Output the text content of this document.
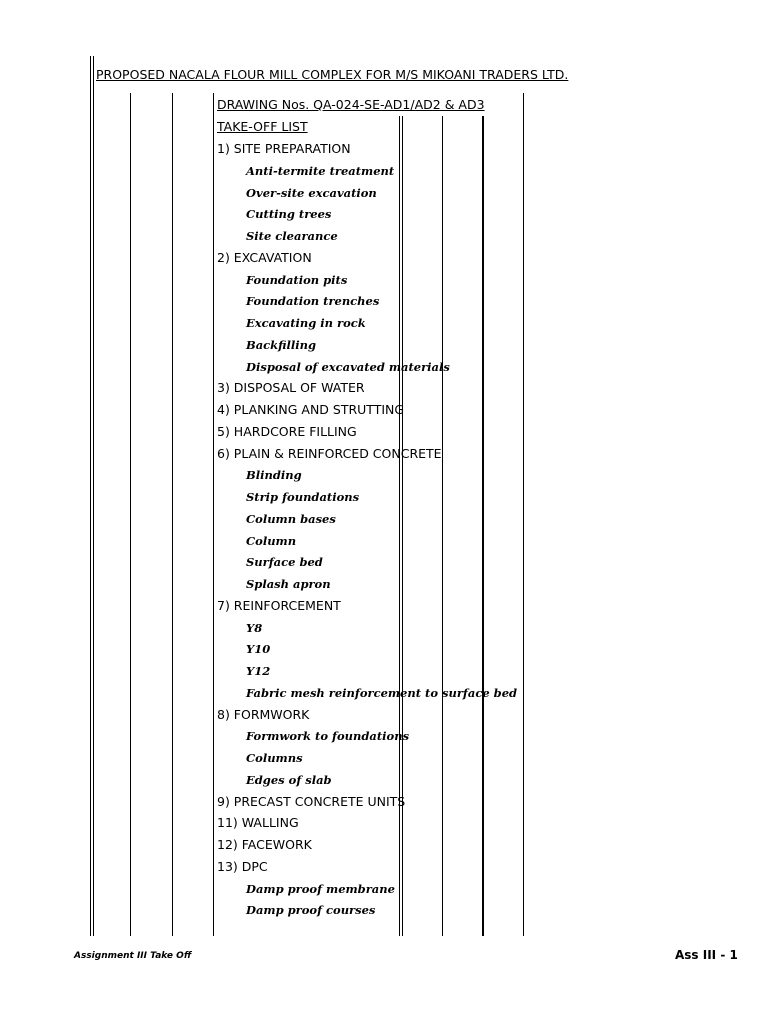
PROPOSED NACALA FLOUR MILL COMPLEX FOR M/S MIKOANI TRADERS LTD.
DRAWING Nos. QA-024-SE-AD1/AD2 & AD3
TAKE-OFF LIST
1) SITE PREPARATION
Anti-termite treatment
Over-site excavation
Cutting trees
Site clearance
2) EXCAVATION
Foundation pits
Foundation trenches
Excavating in rock
Backfilling
Disposal of excavated materials
3) DISPOSAL OF WATER
4) PLANKING AND STRUTTING
5) HARDCORE FILLING
6) PLAIN & REINFORCED CONCRETE
Blinding
Strip foundations
Column bases
Column
Surface bed
Splash apron
7) REINFORCEMENT
Y8
Y10
Y12
Fabric mesh reinforcement to surface bed
8) FORMWORK
Formwork to foundations
Columns
Edges of slab
9) PRECAST CONCRETE UNITS
11) WALLING
12) FACEWORK
13) DPC
Damp proof membrane
Damp proof courses
Assignment III Take Off	Ass III - 1
